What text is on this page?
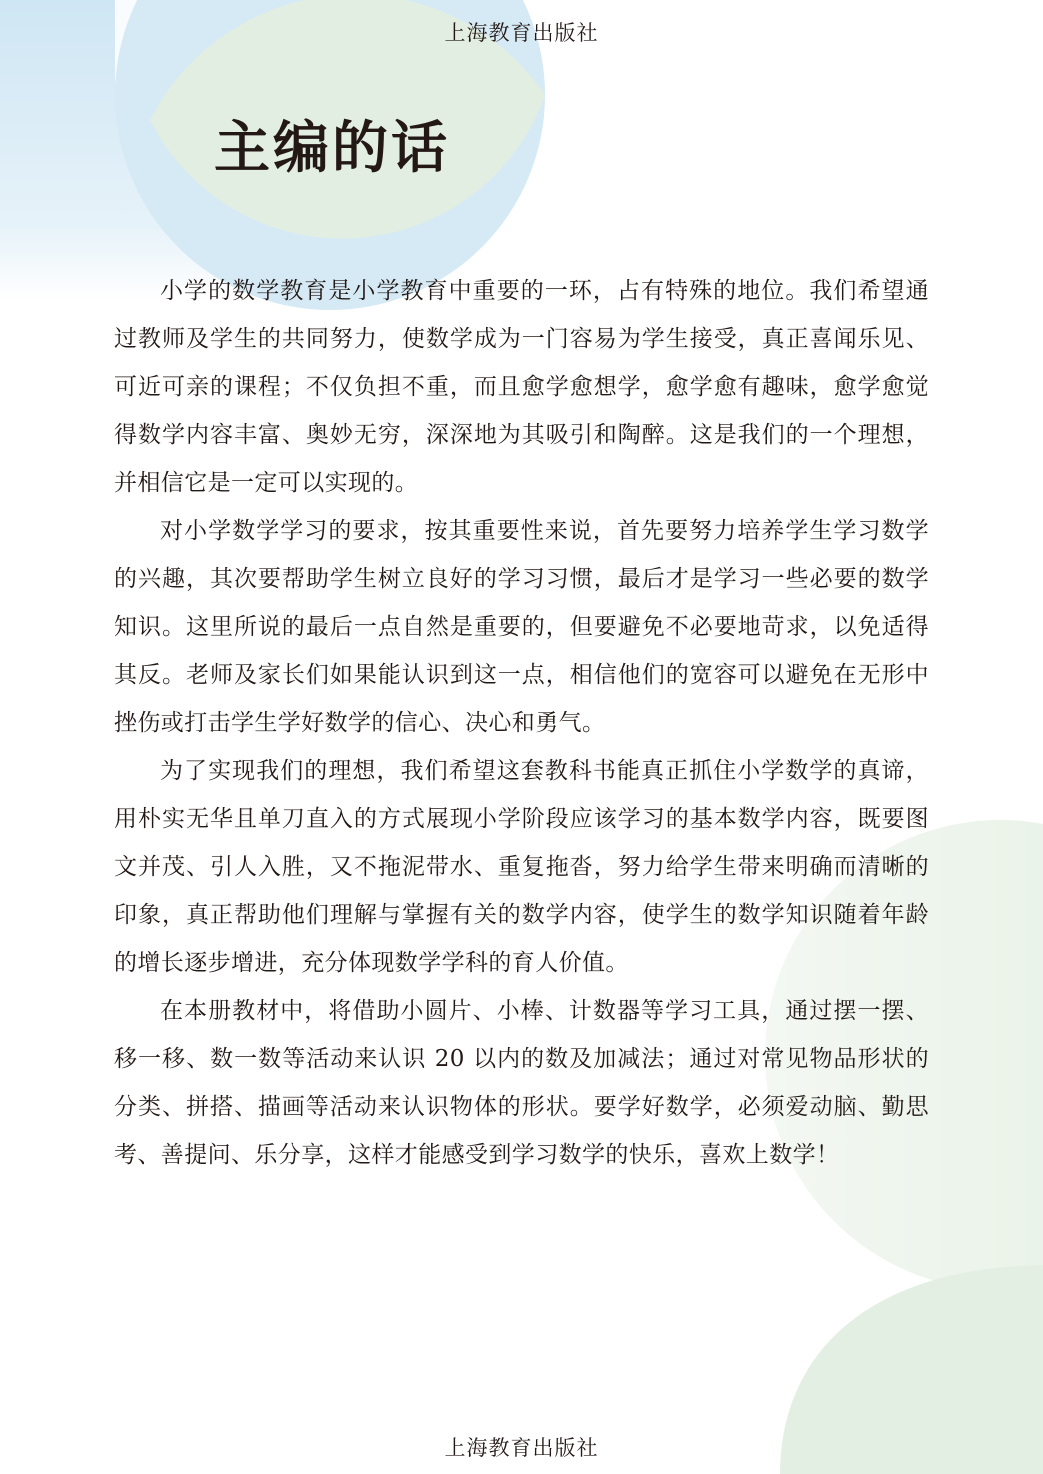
上海教育出版社
主编的话

小学的数学教育是小学教育中重要的一环，占有特殊的地位。我们希望通过教师及学生的共同努力，使数学成为一门容易为学生接受，真正喜闻乐见、可近可亲的课程；不仅负担不重，而且愈学愈想学，愈学愈有趣味，愈学愈觉得数学内容丰富、奥妙无穷，深深地为其吸引和陶醉。这是我们的一个理想，并相信它是一定可以实现的。

对小学数学学习的要求，按其重要性来说，首先要努力培养学生学习数学的兴趣，其次要帮助学生树立良好的学习习惯，最后才是学习一些必要的数学知识。这里所说的最后一点自然是重要的，但要避免不必要地苛求，以免适得其反。老师及家长们如果能认识到这一点，相信他们的宽容可以避免在无形中挫伤或打击学生学好数学的信心、决心和勇气。

为了实现我们的理想，我们希望这套教科书能真正抓住小学数学的真谛，用朴实无华且单刀直入的方式展现小学阶段应该学习的基本数学内容，既要图文并茂、引人入胜，又不拖泥带水、重复拖沓，努力给学生带来明确而清晰的印象，真正帮助他们理解与掌握有关的数学内容，使学生的数学知识随着年龄的增长逐步增进，充分体现数学学科的育人价值。

在本册教材中，将借助小圆片、小棒、计数器等学习工具，通过摆一摆、移一移、数一数等活动来认识 20 以内的数及加减法；通过对常见物品形状的分类、拼搭、描画等活动来认识物体的形状。要学好数学，必须爱动脑、勤思考、善提问、乐分享，这样才能感受到学习数学的快乐，喜欢上数学！

上海教育出版社
